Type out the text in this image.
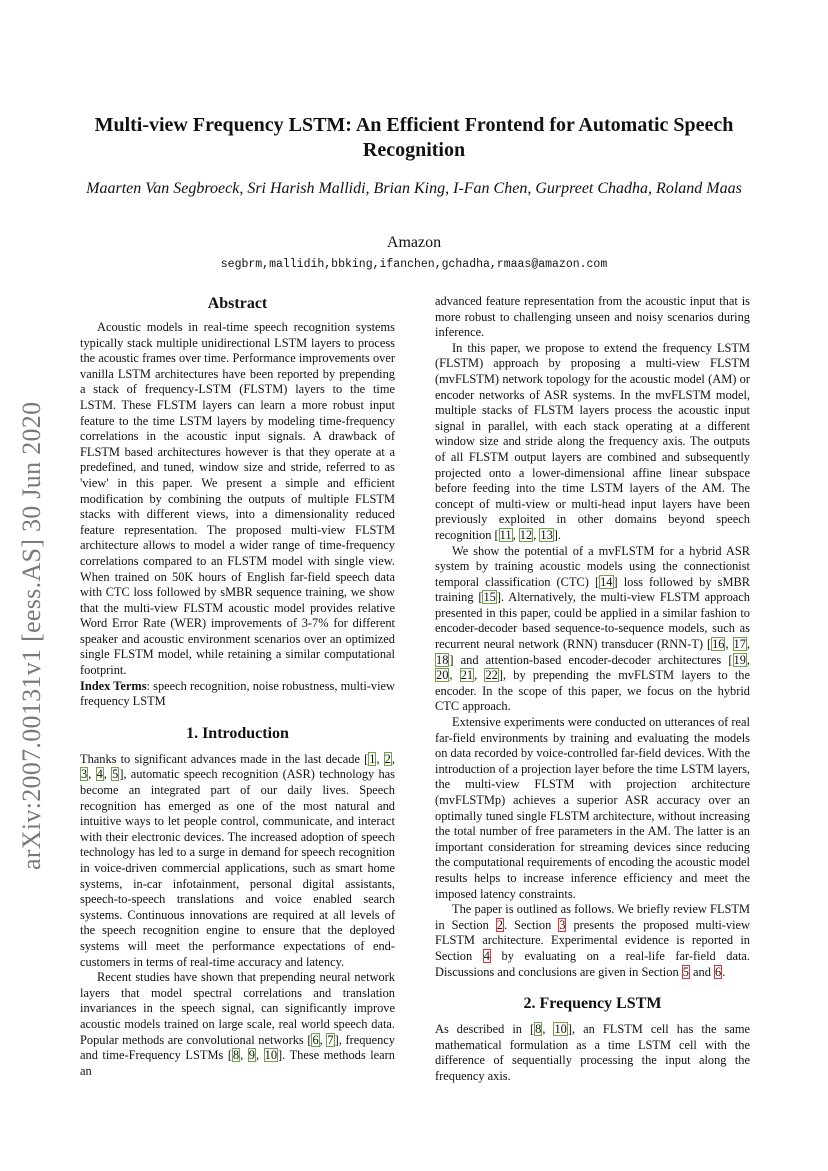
arXiv:2007.00131v1 [eess.AS] 30 Jun 2020
Multi-view Frequency LSTM: An Efficient Frontend for Automatic Speech Recognition
Maarten Van Segbroeck, Sri Harish Mallidi, Brian King, I-Fan Chen, Gurpreet Chadha, Roland Maas
Amazon
segbrm,mallidih,bbking,ifanchen,gchadha,rmaas@amazon.com
Abstract

Acoustic models in real-time speech recognition systems typically stack multiple unidirectional LSTM layers to process the acoustic frames over time. Performance improvements over vanilla LSTM architectures have been reported by prepending a stack of frequency-LSTM (FLSTM) layers to the time LSTM. These FLSTM layers can learn a more robust input feature to the time LSTM layers by modeling time-frequency correlations in the acoustic input signals. A drawback of FLSTM based architectures however is that they operate at a predefined, and tuned, window size and stride, referred to as 'view' in this paper. We present a simple and efficient modification by combining the outputs of multiple FLSTM stacks with different views, into a dimensionality reduced feature representation. The proposed multi-view FLSTM architecture allows to model a wider range of time-frequency correlations compared to an FLSTM model with single view. When trained on 50K hours of English far-field speech data with CTC loss followed by sMBR sequence training, we show that the multi-view FLSTM acoustic model provides relative Word Error Rate (WER) improvements of 3-7% for different speaker and acoustic environment scenarios over an optimized single FLSTM model, while retaining a similar computational footprint.

Index Terms: speech recognition, noise robustness, multi-view frequency LSTM

1. Introduction

Thanks to significant advances made in the last decade [1, 2, 3, 4, 5], automatic speech recognition (ASR) technology has become an integrated part of our daily lives. Speech recognition has emerged as one of the most natural and intuitive ways to let people control, communicate, and interact with their electronic devices. The increased adoption of speech technology has led to a surge in demand for speech recognition in voice-driven commercial applications, such as smart home systems, in-car infotainment, personal digital assistants, speech-to-speech translations and voice enabled search systems. Continuous innovations are required at all levels of the speech recognition engine to ensure that the deployed systems will meet the performance expectations of end-customers in terms of real-time accuracy and latency.

Recent studies have shown that prepending neural network layers that model spectral correlations and translation invariances in the speech signal, can significantly improve acoustic models trained on large scale, real world speech data. Popular methods are convolutional networks [6, 7], frequency and time-Frequency LSTMs [8, 9, 10]. These methods learn an

advanced feature representation from the acoustic input that is more robust to challenging unseen and noisy scenarios during inference.

In this paper, we propose to extend the frequency LSTM (FLSTM) approach by proposing a multi-view FLSTM (mvFLSTM) network topology for the acoustic model (AM) or encoder networks of ASR systems. In the mvFLSTM model, multiple stacks of FLSTM layers process the acoustic input signal in parallel, with each stack operating at a different window size and stride along the frequency axis. The outputs of all FLSTM output layers are combined and subsequently projected onto a lower-dimensional affine linear subspace before feeding into the time LSTM layers of the AM. The concept of multi-view or multi-head input layers have been previously exploited in other domains beyond speech recognition [11, 12, 13].

We show the potential of a mvFLSTM for a hybrid ASR system by training acoustic models using the connectionist temporal classification (CTC) [14] loss followed by sMBR training [15]. Alternatively, the multi-view FLSTM approach presented in this paper, could be applied in a similar fashion to encoder-decoder based sequence-to-sequence models, such as recurrent neural network (RNN) transducer (RNN-T) [16, 17, 18] and attention-based encoder-decoder architectures [19, 20, 21, 22], by prepending the mvFLSTM layers to the encoder. In the scope of this paper, we focus on the hybrid CTC approach.

Extensive experiments were conducted on utterances of real far-field environments by training and evaluating the models on data recorded by voice-controlled far-field devices. With the introduction of a projection layer before the time LSTM layers, the multi-view FLSTM with projection architecture (mvFLSTMp) achieves a superior ASR accuracy over an optimally tuned single FLSTM architecture, without increasing the total number of free parameters in the AM. The latter is an important consideration for streaming devices since reducing the computational requirements of encoding the acoustic model results helps to increase inference efficiency and meet the imposed latency constraints.

The paper is outlined as follows. We briefly review FLSTM in Section 2. Section 3 presents the proposed multi-view FLSTM architecture. Experimental evidence is reported in Section 4 by evaluating on a real-life far-field data. Discussions and conclusions are given in Section 5 and 6.

2. Frequency LSTM

As described in [8, 10], an FLSTM cell has the same mathematical formulation as a time LSTM cell with the difference of sequentially processing the input along the frequency axis.
